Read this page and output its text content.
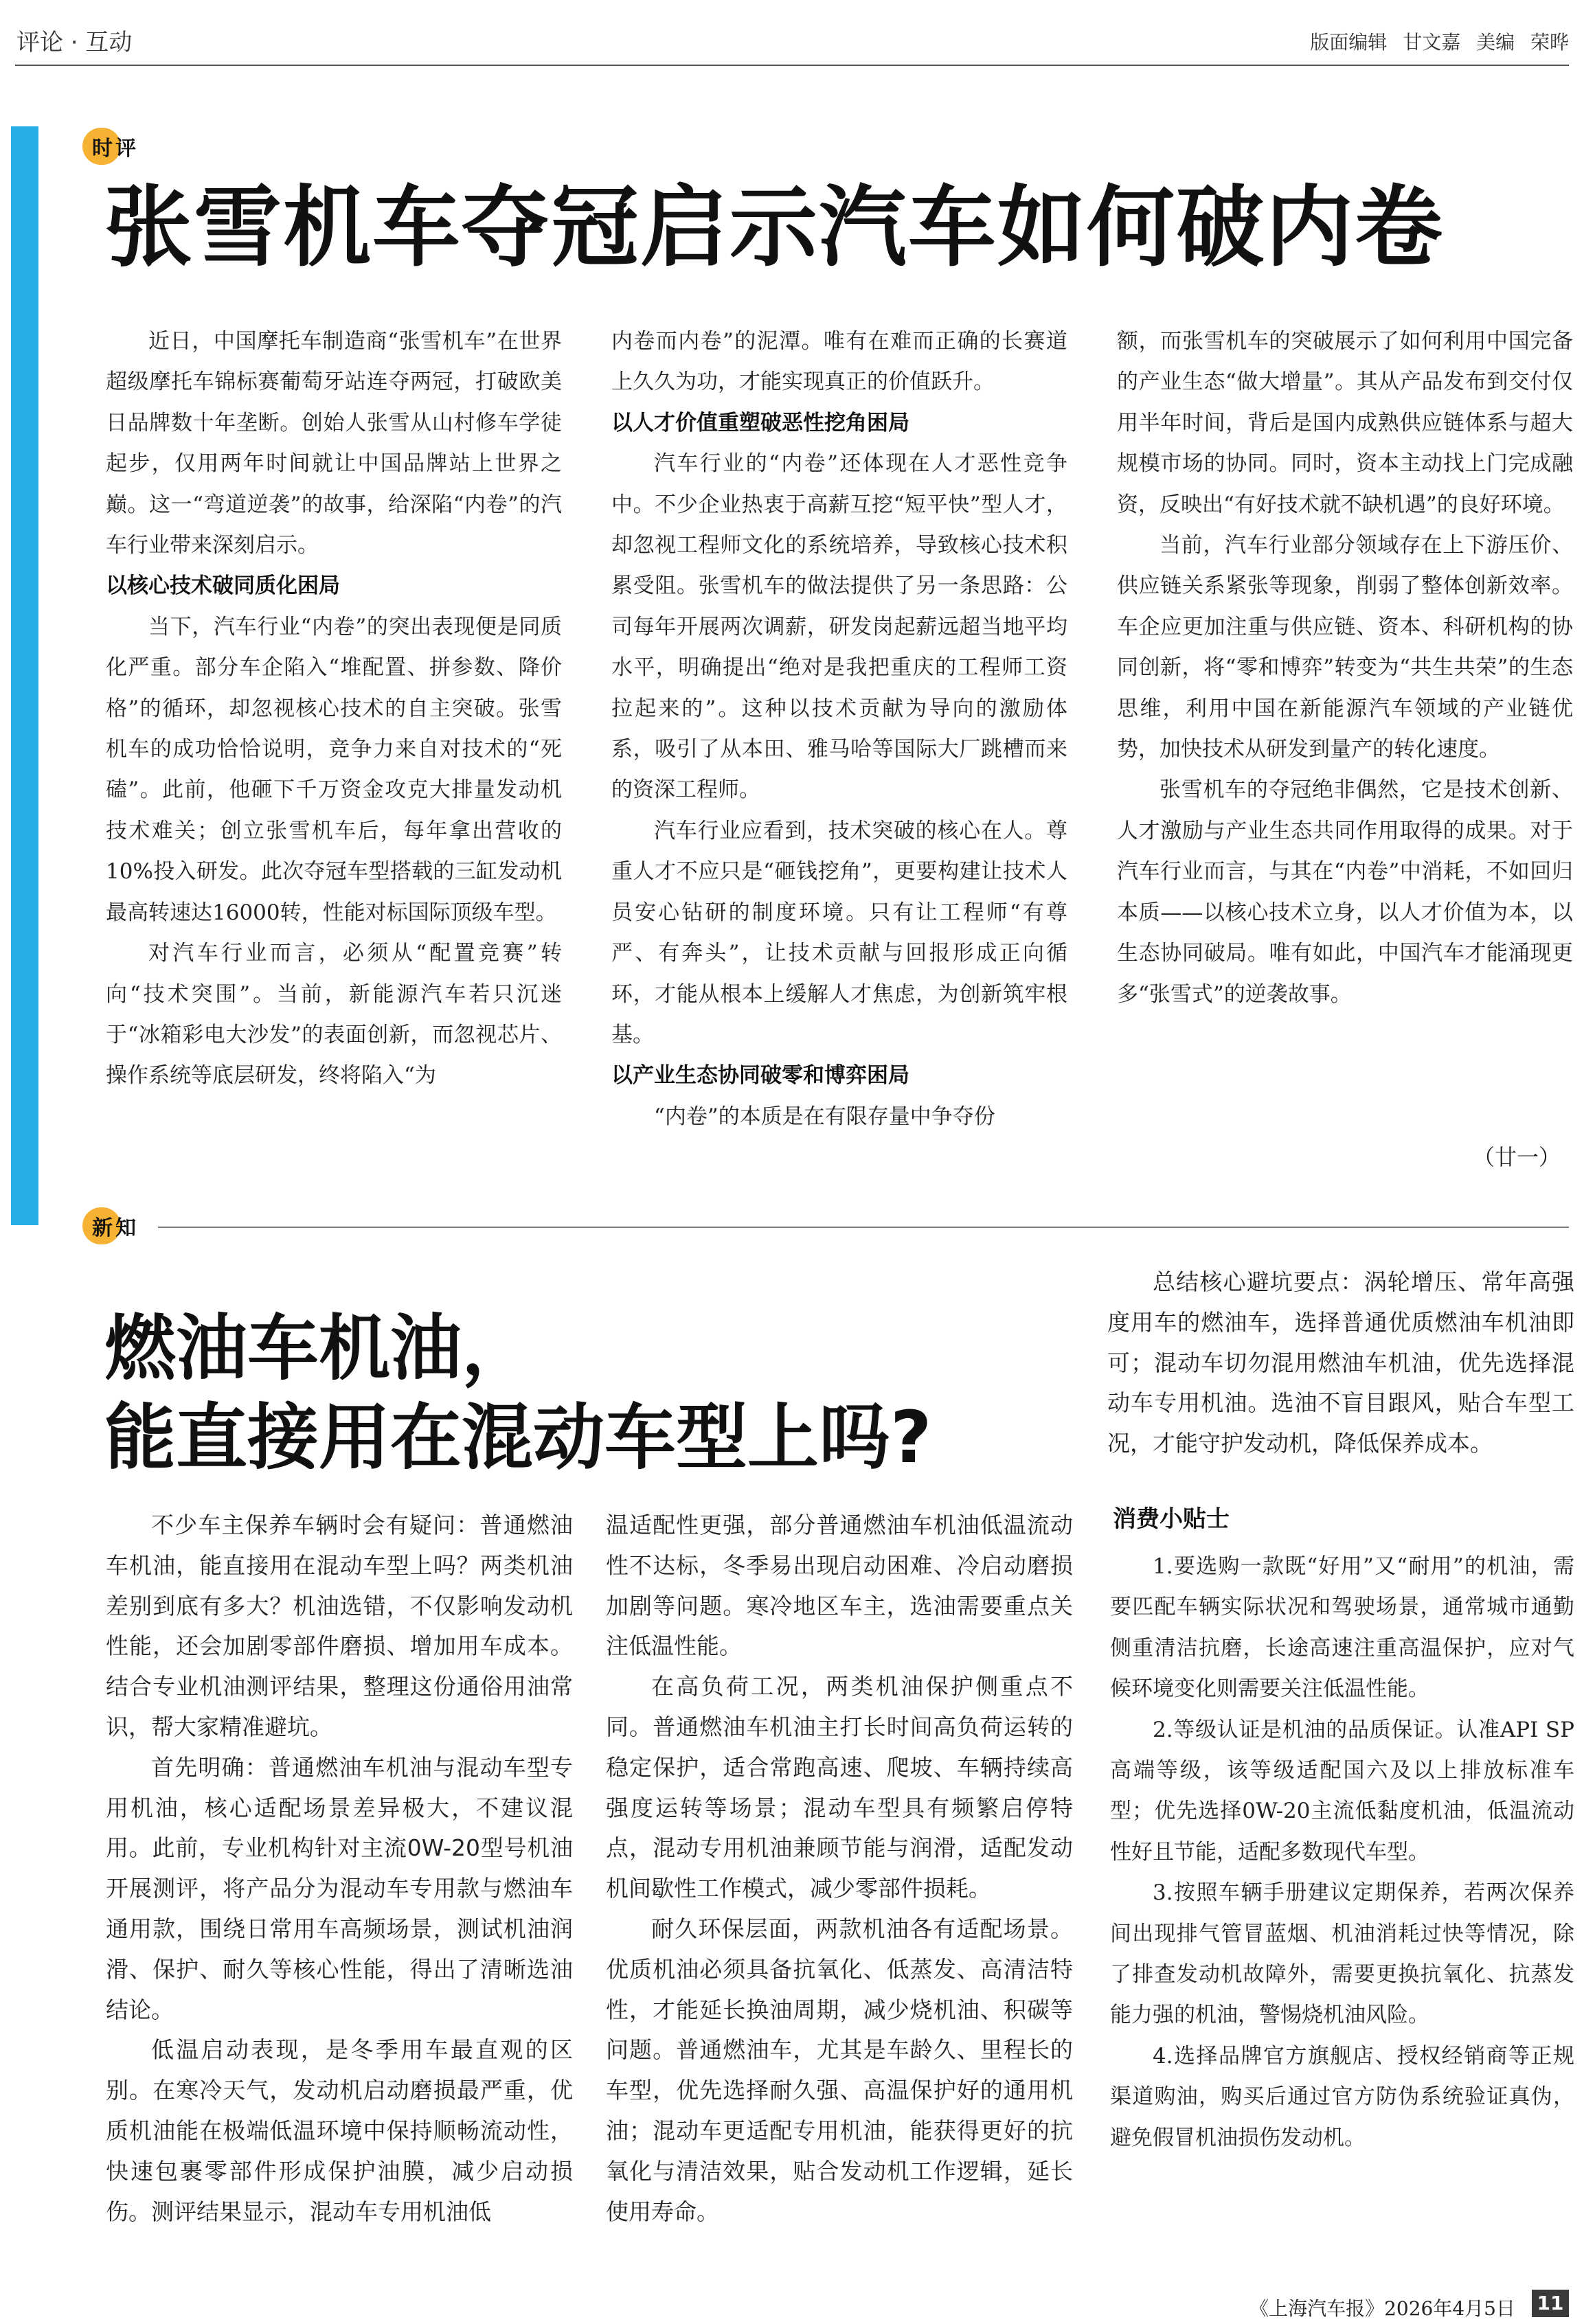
评论 · 互动	版面编辑 甘文嘉 美编 荣晔
时评
张雪机车夺冠启示汽车如何破内卷

近日，中国摩托车制造商“张雪机车”在世界超级摩托车锦标赛葡萄牙站连夺两冠，打破欧美日品牌数十年垄断。创始人张雪从山村修车学徒起步，仅用两年时间就让中国品牌站上世界之巅。这一“弯道逆袭”的故事，给深陷“内卷”的汽车行业带来深刻启示。

以核心技术破同质化困局

当下，汽车行业“内卷”的突出表现便是同质化严重。部分车企陷入“堆配置、拼参数、降价格”的循环，却忽视核心技术的自主突破。张雪机车的成功恰恰说明，竞争力来自对技术的“死磕”。此前，他砸下千万资金攻克大排量发动机技术难关；创立张雪机车后，每年拿出营收的10%投入研发。此次夺冠车型搭载的三缸发动机最高转速达16000转，性能对标国际顶级车型。

对汽车行业而言，必须从“配置竞赛”转向“技术突围”。当前，新能源汽车若只沉迷于“冰箱彩电大沙发”的表面创新，而忽视芯片、操作系统等底层研发，终将陷入“为

内卷而内卷”的泥潭。唯有在难而正确的长赛道上久久为功，才能实现真正的价值跃升。

以人才价值重塑破恶性挖角困局

汽车行业的“内卷”还体现在人才恶性竞争中。不少企业热衷于高薪互挖“短平快”型人才，却忽视工程师文化的系统培养，导致核心技术积累受阻。张雪机车的做法提供了另一条思路：公司每年开展两次调薪，研发岗起薪远超当地平均水平，明确提出“绝对是我把重庆的工程师工资拉起来的”。这种以技术贡献为导向的激励体系，吸引了从本田、雅马哈等国际大厂跳槽而来的资深工程师。

汽车行业应看到，技术突破的核心在人。尊重人才不应只是“砸钱挖角”，更要构建让技术人员安心钻研的制度环境。只有让工程师“有尊严、有奔头”，让技术贡献与回报形成正向循环，才能从根本上缓解人才焦虑，为创新筑牢根基。

以产业生态协同破零和博弈困局

“内卷”的本质是在有限存量中争夺份

额，而张雪机车的突破展示了如何利用中国完备的产业生态“做大增量”。其从产品发布到交付仅用半年时间，背后是国内成熟供应链体系与超大规模市场的协同。同时，资本主动找上门完成融资，反映出“有好技术就不缺机遇”的良好环境。

当前，汽车行业部分领域存在上下游压价、供应链关系紧张等现象，削弱了整体创新效率。车企应更加注重与供应链、资本、科研机构的协同创新，将“零和博弈”转变为“共生共荣”的生态思维，利用中国在新能源汽车领域的产业链优势，加快技术从研发到量产的转化速度。

张雪机车的夺冠绝非偶然，它是技术创新、人才激励与产业生态共同作用取得的成果。对于汽车行业而言，与其在“内卷”中消耗，不如回归本质——以核心技术立身，以人才价值为本，以生态协同破局。唯有如此，中国汽车才能涌现更多“张雪式”的逆袭故事。

（廿一）
新知
燃油车机油，
能直接用在混动车型上吗?

总结核心避坑要点：涡轮增压、常年高强度用车的燃油车，选择普通优质燃油车机油即可；混动车切勿混用燃油车机油，优先选择混动车专用机油。选油不盲目跟风，贴合车型工况，才能守护发动机，降低保养成本。

不少车主保养车辆时会有疑问：普通燃油车机油，能直接用在混动车型上吗？两类机油差别到底有多大？机油选错，不仅影响发动机性能，还会加剧零部件磨损、增加用车成本。结合专业机油测评结果，整理这份通俗用油常识，帮大家精准避坑。

首先明确：普通燃油车机油与混动车型专用机油，核心适配场景差异极大，不建议混用。此前，专业机构针对主流0W-20型号机油开展测评，将产品分为混动车专用款与燃油车通用款，围绕日常用车高频场景，测试机油润滑、保护、耐久等核心性能，得出了清晰选油结论。

低温启动表现，是冬季用车最直观的区别。在寒冷天气，发动机启动磨损最严重，优质机油能在极端低温环境中保持顺畅流动性，快速包裹零部件形成保护油膜，减少启动损伤。测评结果显示，混动车专用机油低

温适配性更强，部分普通燃油车机油低温流动性不达标，冬季易出现启动困难、冷启动磨损加剧等问题。寒冷地区车主，选油需要重点关注低温性能。

在高负荷工况，两类机油保护侧重点不同。普通燃油车机油主打长时间高负荷运转的稳定保护，适合常跑高速、爬坡、车辆持续高强度运转等场景；混动车型具有频繁启停特点，混动专用机油兼顾节能与润滑，适配发动机间歇性工作模式，减少零部件损耗。

耐久环保层面，两款机油各有适配场景。优质机油必须具备抗氧化、低蒸发、高清洁特性，才能延长换油周期，减少烧机油、积碳等问题。普通燃油车，尤其是车龄久、里程长的车型，优先选择耐久强、高温保护好的通用机油；混动车更适配专用机油，能获得更好的抗氧化与清洁效果，贴合发动机工作逻辑，延长使用寿命。

消费小贴士

1.要选购一款既“好用”又“耐用”的机油，需要匹配车辆实际状况和驾驶场景，通常城市通勤侧重清洁抗磨，长途高速注重高温保护，应对气候环境变化则需要关注低温性能。

2.等级认证是机油的品质保证。认准API SP高端等级，该等级适配国六及以上排放标准车型；优先选择0W-20主流低黏度机油，低温流动性好且节能，适配多数现代车型。

3.按照车辆手册建议定期保养，若两次保养间出现排气管冒蓝烟、机油消耗过快等情况，除了排查发动机故障外，需要更换抗氧化、抗蒸发能力强的机油，警惕烧机油风险。

4.选择品牌官方旗舰店、授权经销商等正规渠道购油，购买后通过官方防伪系统验证真伪，避免假冒机油损伤发动机。

《上海汽车报》2026年4月5日 11
